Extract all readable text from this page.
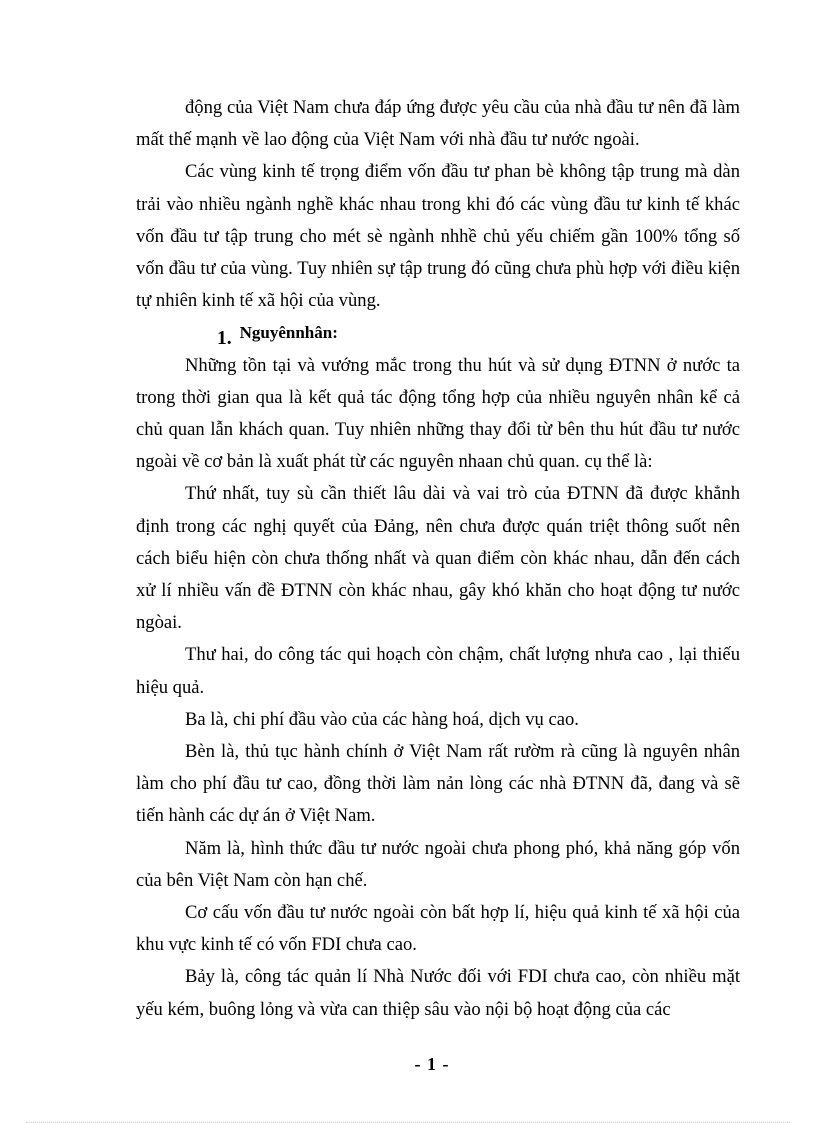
động của Việt Nam chưa đáp ứng được yêu cầu của nhà đầu tư nên đã làm mất thế mạnh về lao động của Việt Nam với nhà đầu tư nước ngoài.

Các vùng kinh tế trọng điểm vốn đầu tư phan bè không tập trung mà dàn trải vào nhiều ngành nghề khác nhau trong khi đó các vùng đầu tư kinh tế khác vốn đầu tư tập trung cho mét sè ngành nhhề chủ yếu chiếm gần 100% tổng số vốn đầu tư của vùng. Tuy nhiên sự tập trung đó cũng chưa phù hợp với điều kiện tự nhiên kinh tế xã hội của vùng.

1. Nguyênnhân:

Những tồn tại và vướng mắc trong thu hút và sử dụng ĐTNN ở nước ta trong thời gian qua là kết quả tác động tổng hợp của nhiều nguyên nhân kể cả chủ quan lẫn khách quan. Tuy nhiên những thay đổi từ bên thu hút đầu tư nước ngoài về cơ bản là xuất phát từ các nguyên nhaan chủ quan. cụ thể là:

Thứ nhất, tuy sù cần thiết lâu dài và vai trò của ĐTNN đã được khẳnh định trong các nghị quyết của Đảng, nên chưa được quán triệt thông suốt nên cách biểu hiện còn chưa thống nhất và quan điểm còn khác nhau, dẫn đến cách xử lí nhiều vấn đề ĐTNN còn khác nhau, gây khó khăn cho hoạt động tư nước ngòai.

Thư hai, do công tác qui hoạch còn chậm, chất lượng nhưa cao , lại thiếu hiệu quả.

Ba là, chi phí đầu vào của các hàng hoá, dịch vụ cao.

Bèn là, thủ tục hành chính ở Việt Nam rất rườm rà cũng là nguyên nhân làm cho phí đầu tư cao, đồng thời làm nản lòng các nhà ĐTNN đã, đang và sẽ tiến hành các dự án ở Việt Nam.

Năm là, hình thức đầu tư nước ngoài chưa phong phó, khả năng góp vốn của bên Việt Nam còn hạn chế.

Cơ cấu vốn đầu tư nước ngoài còn bất hợp lí, hiệu quả kinh tế xã hội của khu vực kinh tế có vốn FDI chưa cao.

Bảy là, công tác quản lí Nhà Nước đối với FDI chưa cao, còn nhiều mặt yếu kém, buông lỏng và vừa can thiệp sâu vào nội bộ hoạt động của các

- 1 -
